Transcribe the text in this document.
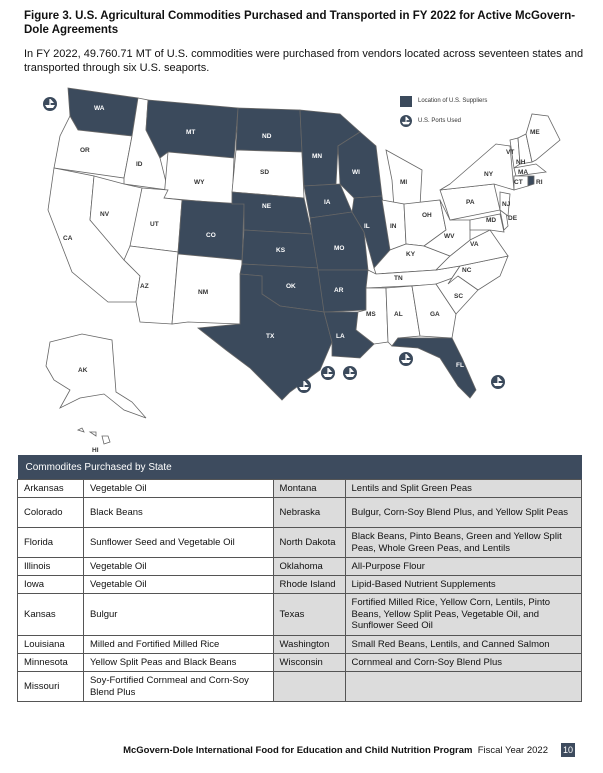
Figure 3. U.S. Agricultural Commodities Purchased and Transported in FY 2022 for Active McGovern-Dole Agreements
In FY 2022, 49.760.71 MT of U.S. commodities were purchased from vendors located across seventeen states and transported through six U.S. seaports.
WA
OR
CA
ID
NV
MT
WY
UT
AZ
CO
NM
ND
SD
NE
KS
OK
TX
MN
IA
MO
AR
LA
WI
IL
MI
IN
OH
KY
TN
MS	AL	GA
FL
SC
NC
VA
WV
PA
NY
VT
NH
ME
MA
CT RI
NJ
DE
MD
AK
HI
Location of U.S. Suppliers
U.S. Ports Used
Commodites Purchased by State			
Arkansas	Vegetable Oil	Montana	Lentils and Split Green Peas
Colorado	Black Beans	Nebraska	Bulgur, Corn-Soy Blend Plus, and Yellow Split Peas
Florida	Sunflower Seed and Vegetable Oil	North Dakota	Black Beans, Pinto Beans, Green and Yellow Split Peas, Whole Green Peas, and Lentils
Illinois	Vegetable Oil	Oklahoma	All-Purpose Flour
Iowa	Vegetable Oil	Rhode Island	Lipid-Based Nutrient Supplements
Kansas	Bulgur	Texas	Fortified Milled Rice, Yellow Corn, Lentils, Pinto Beans, Yellow Split Peas, Vegetable Oil, and Sunflower Seed Oil
Louisiana	Milled and Fortified Milled Rice	Washington	Small Red Beans, Lentils, and Canned Salmon
Minnesota	Yellow Split Peas and Black Beans	Wisconsin	Cornmeal and Corn-Soy Blend Plus
Missouri	Soy-Fortified Cornmeal and Corn-Soy Blend Plus		
McGovern-Dole International Food for Education and Child Nutrition Program Fiscal Year 2022 10
